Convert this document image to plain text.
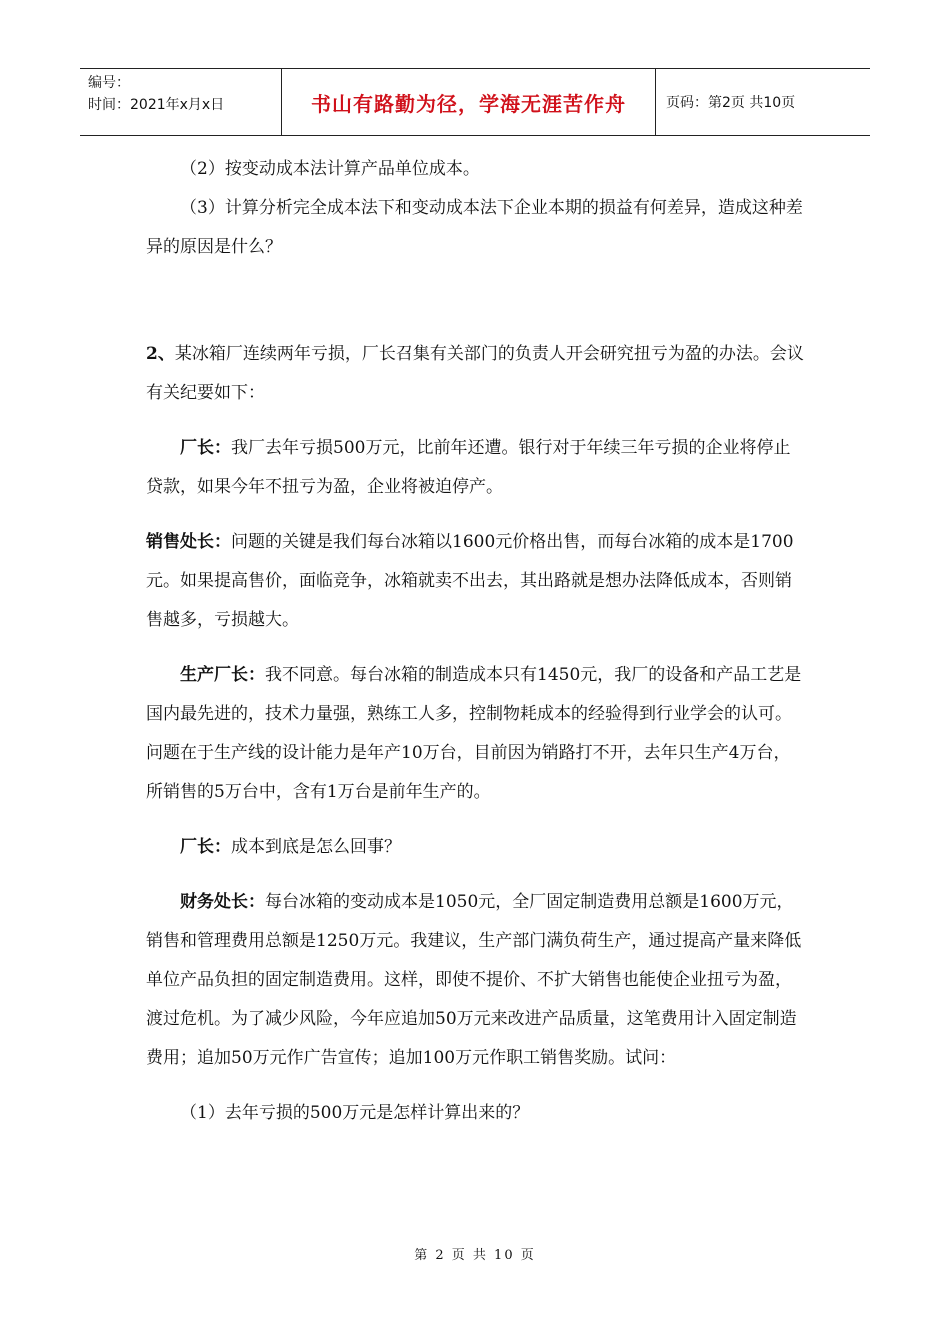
编号：
时间：2021年x月x日	书山有路勤为径，学海无涯苦作舟	页码：第2页 共10页

（2）按变动成本法计算产品单位成本。

（3）计算分析完全成本法下和变动成本法下企业本期的损益有何差异，造成这种差异的原因是什么？

2、某冰箱厂连续两年亏损，厂长召集有关部门的负责人开会研究扭亏为盈的办法。会议有关纪要如下：

厂长：我厂去年亏损500万元，比前年还遭。银行对于年续三年亏损的企业将停止贷款，如果今年不扭亏为盈，企业将被迫停产。

销售处长：问题的关键是我们每台冰箱以1600元价格出售，而每台冰箱的成本是1700元。如果提高售价，面临竞争，冰箱就卖不出去，其出路就是想办法降低成本，否则销售越多，亏损越大。

生产厂长：我不同意。每台冰箱的制造成本只有1450元，我厂的设备和产品工艺是国内最先进的，技术力量强，熟练工人多，控制物耗成本的经验得到行业学会的认可。问题在于生产线的设计能力是年产10万台，目前因为销路打不开，去年只生产4万台，所销售的5万台中，含有1万台是前年生产的。

厂长：成本到底是怎么回事？

财务处长：每台冰箱的变动成本是1050元，全厂固定制造费用总额是1600万元，销售和管理费用总额是1250万元。我建议，生产部门满负荷生产，通过提高产量来降低单位产品负担的固定制造费用。这样，即使不提价、不扩大销售也能使企业扭亏为盈，渡过危机。为了减少风险，今年应追加50万元来改进产品质量，这笔费用计入固定制造费用；追加50万元作广告宣传；追加100万元作职工销售奖励。试问：

（1）去年亏损的500万元是怎样计算出来的？

第 2 页 共 10 页
